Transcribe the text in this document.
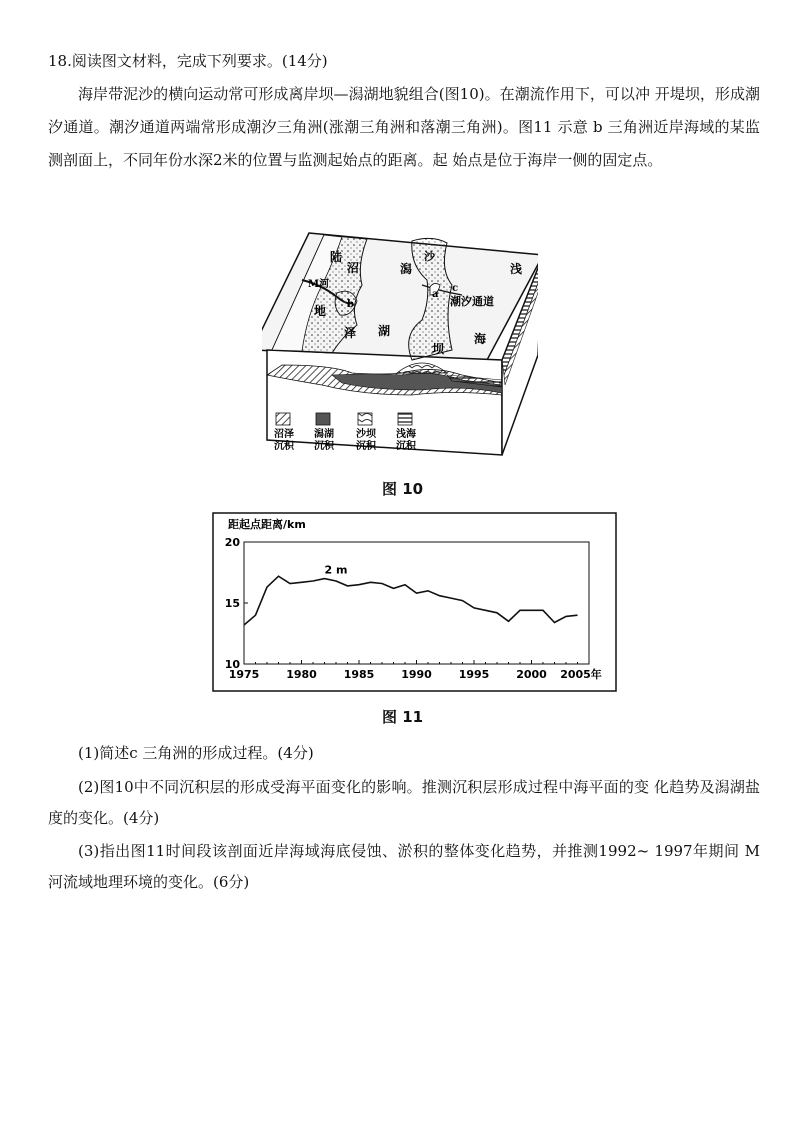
18.阅读图文材料，完成下列要求。(14分)

海岸带泥沙的横向运动常可形成离岸坝—潟湖地貌组合(图10)。在潮流作用下，可以冲 开堤坝，形成潮汐通道。潮汐通道两端常形成潮汐三角洲(涨潮三角洲和落潮三角洲)。图11 示意 b 三角洲近岸海域的某监测剖面上，不同年份水深2米的位置与监测起始点的距离。起 始点是位于海岸一侧的固定点。

陆
地
M河
沼
泽
潟
湖
沙
坝
浅
海
潮汐通道
a
b
c
沼泽
沉积
潟湖
沉积
沙坝
沉积
浅海
沉积
图 10
距起点距离/km
1975 1980 1985 1990 1995 2000 2005年
20
15
10
2 m
图 11

(1)简述c 三角洲的形成过程。(4分)

(2)图10中不同沉积层的形成受海平面变化的影响。推测沉积层形成过程中海平面的变 化趋势及潟湖盐度的变化。(4分)

(3)指出图11时间段该剖面近岸海域海底侵蚀、淤积的整体变化趋势，并推测1992~ 1997年期间 M 河流域地理环境的变化。(6分)
